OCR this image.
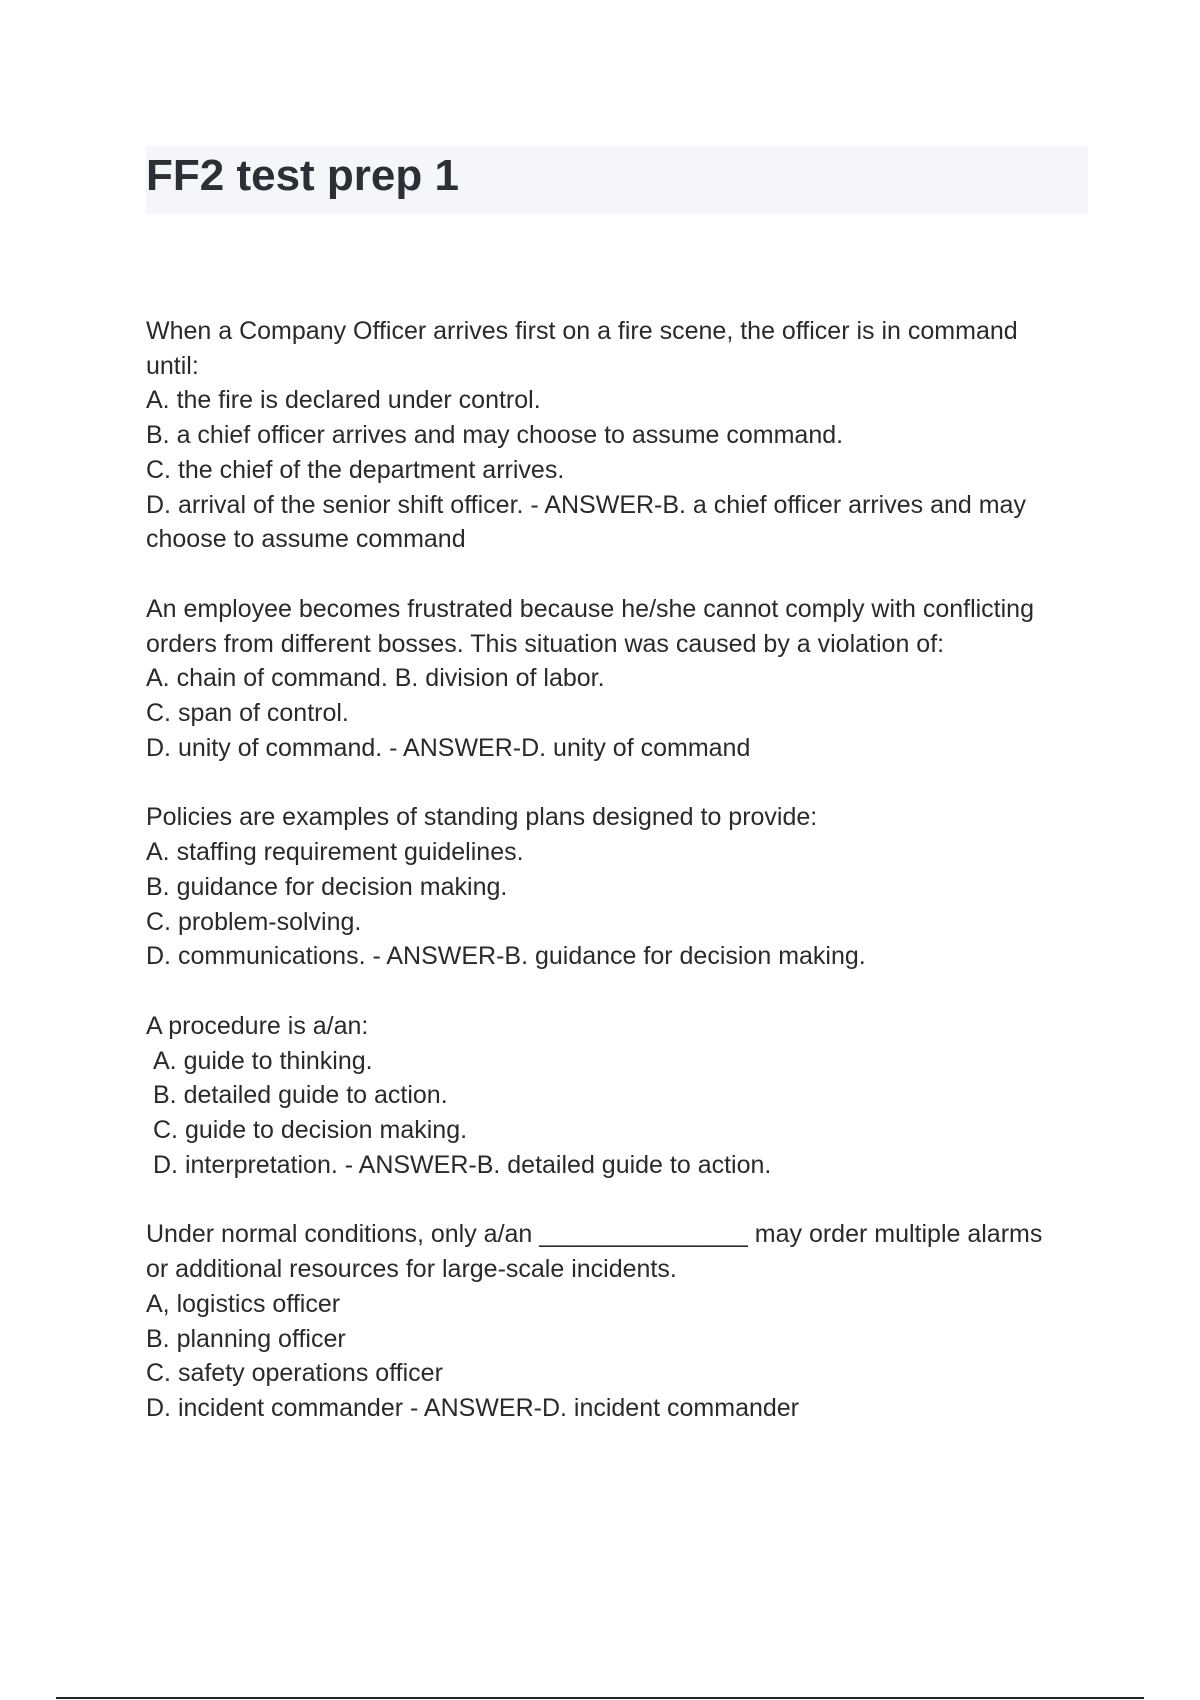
FF2 test prep 1
When a Company Officer arrives first on a fire scene, the officer is in command
until:
A. the fire is declared under control.
B. a chief officer arrives and may choose to assume command.
C. the chief of the department arrives.
D. arrival of the senior shift officer. - ANSWER-B. a chief officer arrives and may
choose to assume command
An employee becomes frustrated because he/she cannot comply with conflicting
orders from different bosses. This situation was caused by a violation of:
A. chain of command. B. division of labor.
C. span of control.
D. unity of command. - ANSWER-D. unity of command
Policies are examples of standing plans designed to provide:
A. staffing requirement guidelines.
B. guidance for decision making.
C. problem-solving.
D. communications. - ANSWER-B. guidance for decision making.
A procedure is a/an:
A. guide to thinking.
B. detailed guide to action.
C. guide to decision making.
D. interpretation. - ANSWER-B. detailed guide to action.
Under normal conditions, only a/an _______________ may order multiple alarms
or additional resources for large-scale incidents.
A, logistics officer
B. planning officer
C. safety operations officer
D. incident commander - ANSWER-D. incident commander
